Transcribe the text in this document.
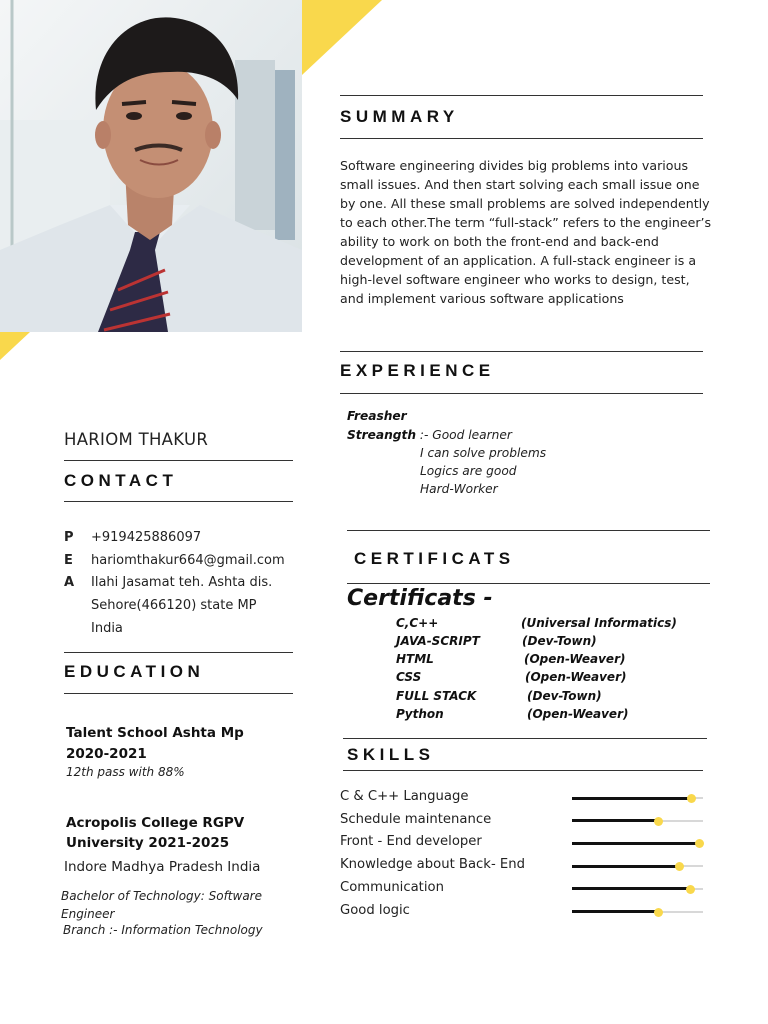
SUMMARY
Software engineering divides big problems into various
small issues. And then start solving each small issue one
by one. All these small problems are solved independently
to each other.The term “full-stack” refers to the engineer’s
ability to work on both the front-end and back-end
development of an application. A full-stack engineer is a
high-level software engineer who works to design, test,
and implement various software applications
EXPERIENCE
Freasher
Streangth :- Good learner
I can solve problems
Logics are good
Hard-Worker
HARIOM THAKUR
CONTACT
P	+919425886097
E	hariomthakur664@gmail.com
A	Ilahi Jasamat teh. Ashta dis.
Sehore(466120) state MP
India
EDUCATION
Talent School Ashta Mp
2020-2021
12th pass with 88%
Acropolis College RGPV
University 2021-2025
Indore Madhya Pradesh India
Bachelor of Technology: Software
Engineer
Branch :- Information Technology
CERTIFICATS
Certificats -
C,C++	(Universal Informatics)
JAVA-SCRIPT	(Dev-Town)
HTML	(Open-Weaver)
CSS	(Open-Weaver)
FULL STACK	(Dev-Town)
Python	(Open-Weaver)
SKILLS
C & C++ Language
Schedule maintenance
Front - End developer
Knowledge about Back- End
Communication
Good logic
